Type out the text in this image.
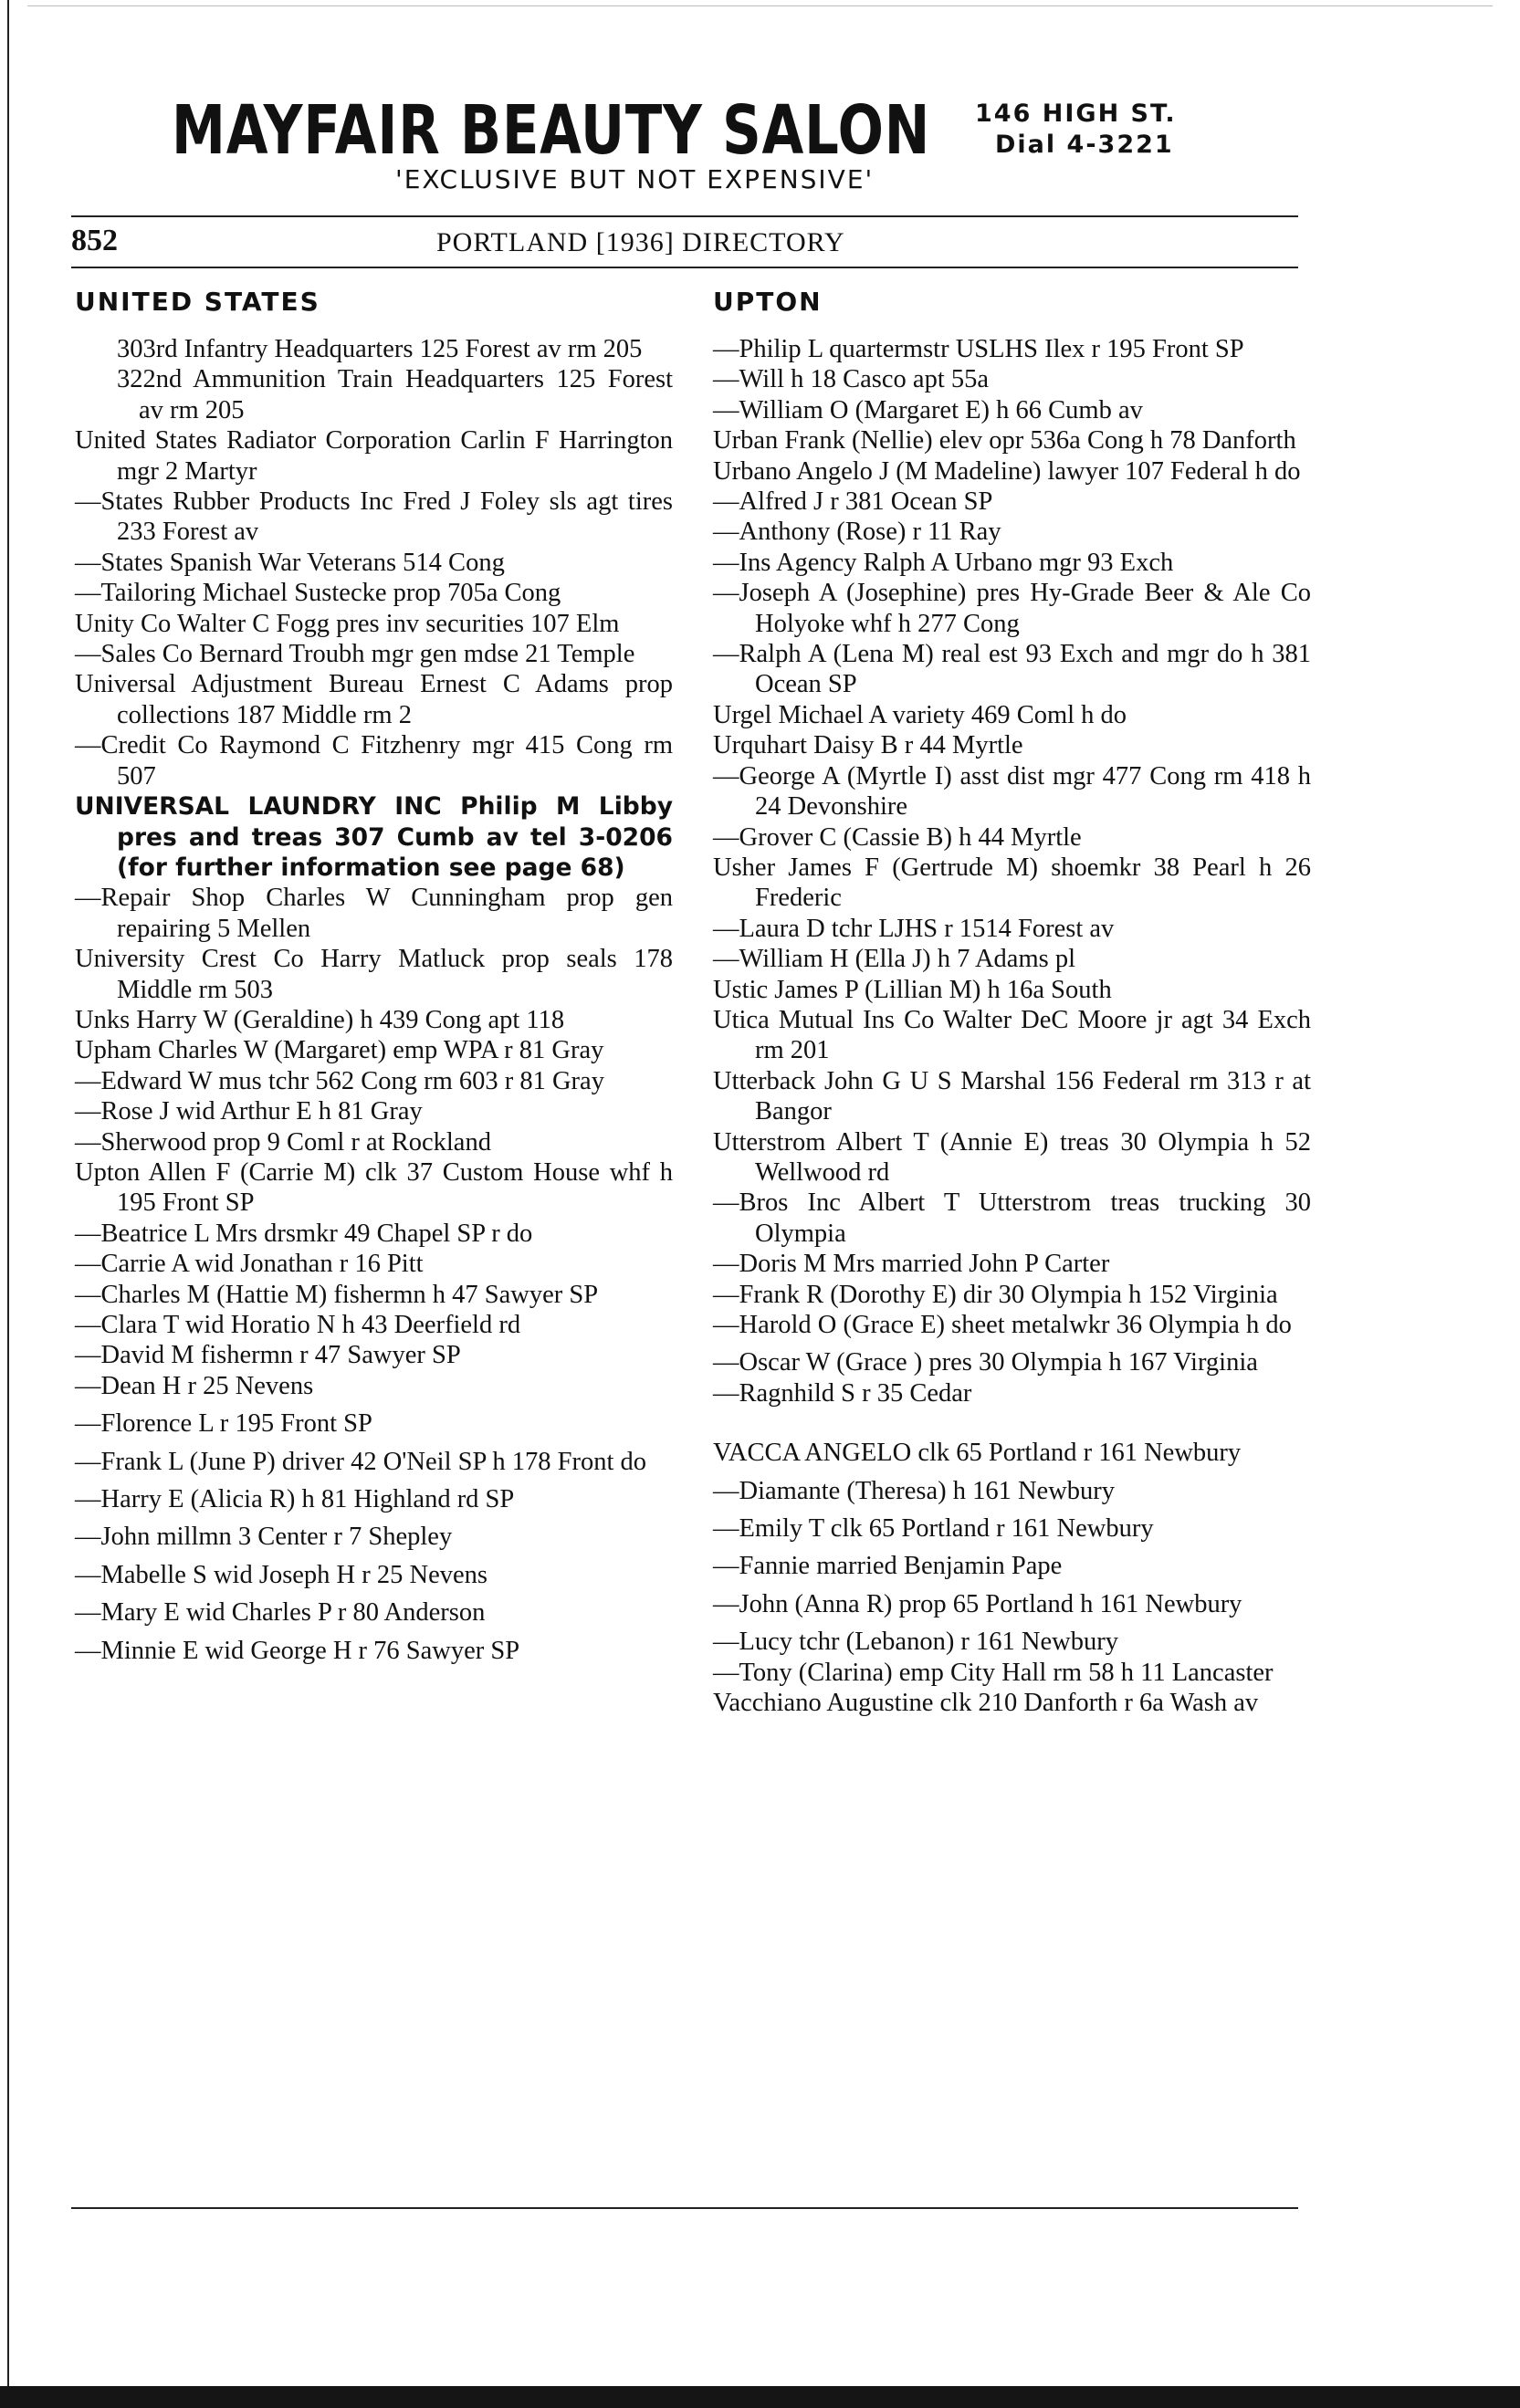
MAYFAIR BEAUTY SALON 146 HIGH ST.
Dial 4-3221
'EXCLUSIVE BUT NOT EXPENSIVE'
852	PORTLAND [1936] DIRECTORY
UNITED STATES

303rd Infantry Headquarters 125 Forest av rm 205

322nd Ammunition Train Headquarters 125 Forest av rm 205

United States Radiator Corporation Carlin F Harrington mgr 2 Martyr

—States Rubber Products Inc Fred J Foley sls agt tires 233 Forest av

—States Spanish War Veterans 514 Cong

—Tailoring Michael Sustecke prop 705a Cong

Unity Co Walter C Fogg pres inv securities 107 Elm

—Sales Co Bernard Troubh mgr gen mdse 21 Temple

Universal Adjustment Bureau Ernest C Adams prop collections 187 Middle rm 2

—Credit Co Raymond C Fitzhenry mgr 415 Cong rm 507

UNIVERSAL LAUNDRY INC Philip M Libby pres and treas 307 Cumb av tel 3-0206 (for further information see page 68)

—Repair Shop Charles W Cunningham prop gen repairing 5 Mellen

University Crest Co Harry Matluck prop seals 178 Middle rm 503

Unks Harry W (Geraldine) h 439 Cong apt 118

Upham Charles W (Margaret) emp WPA r 81 Gray

—Edward W mus tchr 562 Cong rm 603 r 81 Gray

—Rose J wid Arthur E h 81 Gray

—Sherwood prop 9 Coml r at Rockland

Upton Allen F (Carrie M) clk 37 Custom House whf h 195 Front SP

—Beatrice L Mrs drsmkr 49 Chapel SP r do

—Carrie A wid Jonathan r 16 Pitt

—Charles M (Hattie M) fishermn h 47 Sawyer SP

—Clara T wid Horatio N h 43 Deerfield rd

—David M fishermn r 47 Sawyer SP

—Dean H r 25 Nevens

—Florence L r 195 Front SP

—Frank L (June P) driver 42 O'Neil SP h 178 Front do

—Harry E (Alicia R) h 81 Highland rd SP

—John millmn 3 Center r 7 Shepley

—Mabelle S wid Joseph H r 25 Nevens

—Mary E wid Charles P r 80 Anderson

—Minnie E wid George H r 76 Sawyer SP

UPTON

—Philip L quartermstr USLHS Ilex r 195 Front SP

—Will h 18 Casco apt 55a

—William O (Margaret E) h 66 Cumb av

Urban Frank (Nellie) elev opr 536a Cong h 78 Danforth

Urbano Angelo J (M Madeline) lawyer 107 Federal h do

—Alfred J r 381 Ocean SP

—Anthony (Rose) r 11 Ray

—Ins Agency Ralph A Urbano mgr 93 Exch

—Joseph A (Josephine) pres Hy-Grade Beer & Ale Co Holyoke whf h 277 Cong

—Ralph A (Lena M) real est 93 Exch and mgr do h 381 Ocean SP

Urgel Michael A variety 469 Coml h do

Urquhart Daisy B r 44 Myrtle

—George A (Myrtle I) asst dist mgr 477 Cong rm 418 h 24 Devonshire

—Grover C (Cassie B) h 44 Myrtle

Usher James F (Gertrude M) shoemkr 38 Pearl h 26 Frederic

—Laura D tchr LJHS r 1514 Forest av

—William H (Ella J) h 7 Adams pl

Ustic James P (Lillian M) h 16a South

Utica Mutual Ins Co Walter DeC Moore jr agt 34 Exch rm 201

Utterback John G U S Marshal 156 Federal rm 313 r at Bangor

Utterstrom Albert T (Annie E) treas 30 Olympia h 52 Wellwood rd

—Bros Inc Albert T Utterstrom treas trucking 30 Olympia

—Doris M Mrs married John P Carter

—Frank R (Dorothy E) dir 30 Olympia h 152 Virginia

—Harold O (Grace E) sheet metalwkr 36 Olympia h do

—Oscar W (Grace ) pres 30 Olympia h 167 Virginia

—Ragnhild S r 35 Cedar

VACCA ANGELO clk 65 Portland r 161 Newbury

—Diamante (Theresa) h 161 Newbury

—Emily T clk 65 Portland r 161 Newbury

—Fannie married Benjamin Pape

—John (Anna R) prop 65 Portland h 161 Newbury

—Lucy tchr (Lebanon) r 161 Newbury

—Tony (Clarina) emp City Hall rm 58 h 11 Lancaster

Vacchiano Augustine clk 210 Danforth r 6a Wash av
